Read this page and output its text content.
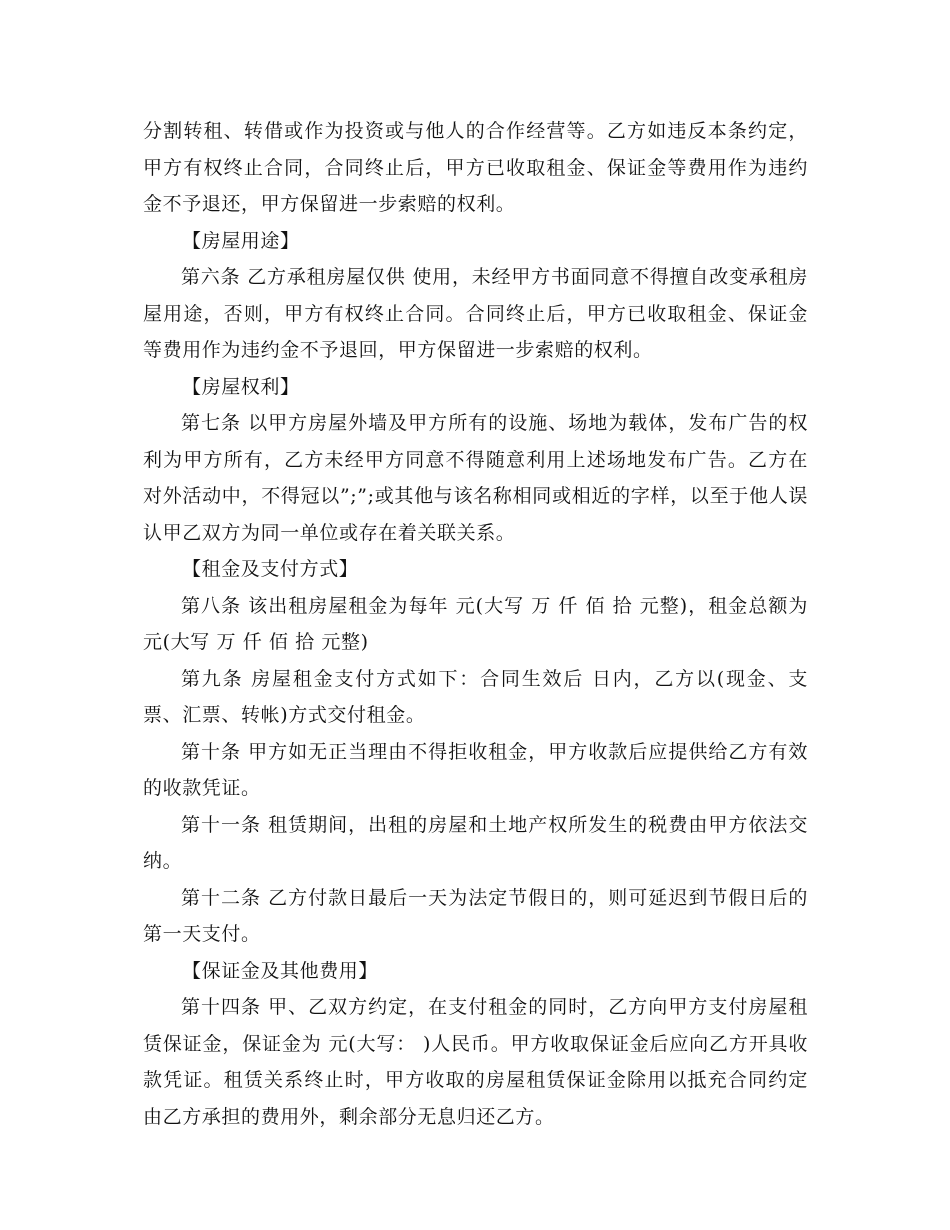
分割转租、转借或作为投资或与他人的合作经营等。乙方如违反本条约定，甲方有权终止合同，合同终止后，甲方已收取租金、保证金等费用作为违约金不予退还，甲方保留进一步索赔的权利。

【房屋用途】

第六条 乙方承租房屋仅供 使用，未经甲方书面同意不得擅自改变承租房屋用途，否则，甲方有权终止合同。合同终止后，甲方已收取租金、保证金等费用作为违约金不予退回，甲方保留进一步索赔的权利。

【房屋权利】

第七条 以甲方房屋外墙及甲方所有的设施、场地为载体，发布广告的权利为甲方所有，乙方未经甲方同意不得随意利用上述场地发布广告。乙方在对外活动中，不得冠以”;”;或其他与该名称相同或相近的字样，以至于他人误认甲乙双方为同一单位或存在着关联关系。

【租金及支付方式】

第八条 该出租房屋租金为每年 元(大写 万 仟 佰 拾 元整)，租金总额为 元(大写 万 仟 佰 拾 元整)

第九条 房屋租金支付方式如下：合同生效后 日内，乙方以(现金、支票、汇票、转帐)方式交付租金。

第十条 甲方如无正当理由不得拒收租金，甲方收款后应提供给乙方有效的收款凭证。

第十一条 租赁期间，出租的房屋和土地产权所发生的税费由甲方依法交纳。

第十二条 乙方付款日最后一天为法定节假日的，则可延迟到节假日后的第一天支付。

【保证金及其他费用】

第十四条 甲、乙双方约定，在支付租金的同时，乙方向甲方支付房屋租赁保证金，保证金为 元(大写： )人民币。甲方收取保证金后应向乙方开具收款凭证。租赁关系终止时，甲方收取的房屋租赁保证金除用以抵充合同约定由乙方承担的费用外，剩余部分无息归还乙方。
